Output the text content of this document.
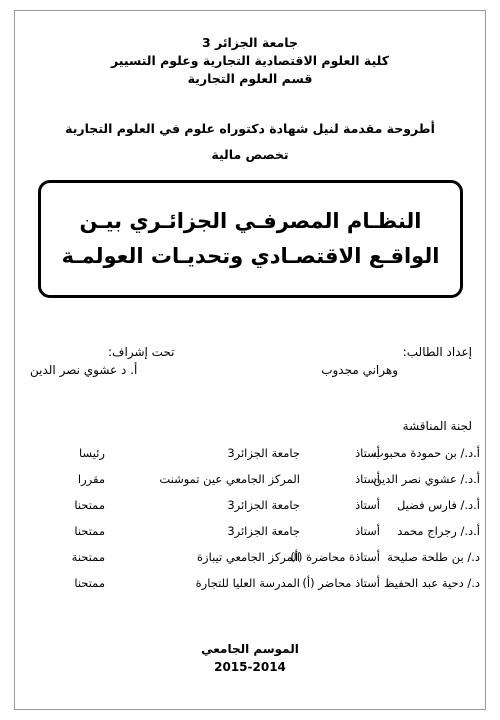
جامعة الجزائر 3
كلية العلوم الاقتصادية التجارية وعلوم التسيير
قسم العلوم التجارية
أطروحة مقدمة لنيل شهادة دكتوراه علوم في العلوم التجارية
تخصص مالية
النظـام المصرفـي الجزائـري بيـن
الواقـع الاقتصـادي وتحديـات العولمـة
إعداد الطالب:
وهراني مجدوب
تحت إشراف:
أ. د عشوي نصر الدين
لجنة المناقشة
أ.د./ بن حمودة محبوب
أستاذ
جامعة الجزائر3
رئيسا
أ.د./ عشوي نصر الدين
أستاذ
المركز الجامعي عين تموشنت
مقررا
أ.د./ فارس فضيل
أستاذ
جامعة الجزائر3
ممتحنا
أ.د./ رجراج محمد
أستاذ
جامعة الجزائر3
ممتحنا
د./ بن طلحة صليحة
أستاذة محاضرة (أ)
المركز الجامعي تيبازة
ممتحنة
د./ دحية عبد الحفيظ
أستاذ محاضر (أ)
المدرسة العليا للتجارة
ممتحنا
الموسم الجامعي
2015-2014
